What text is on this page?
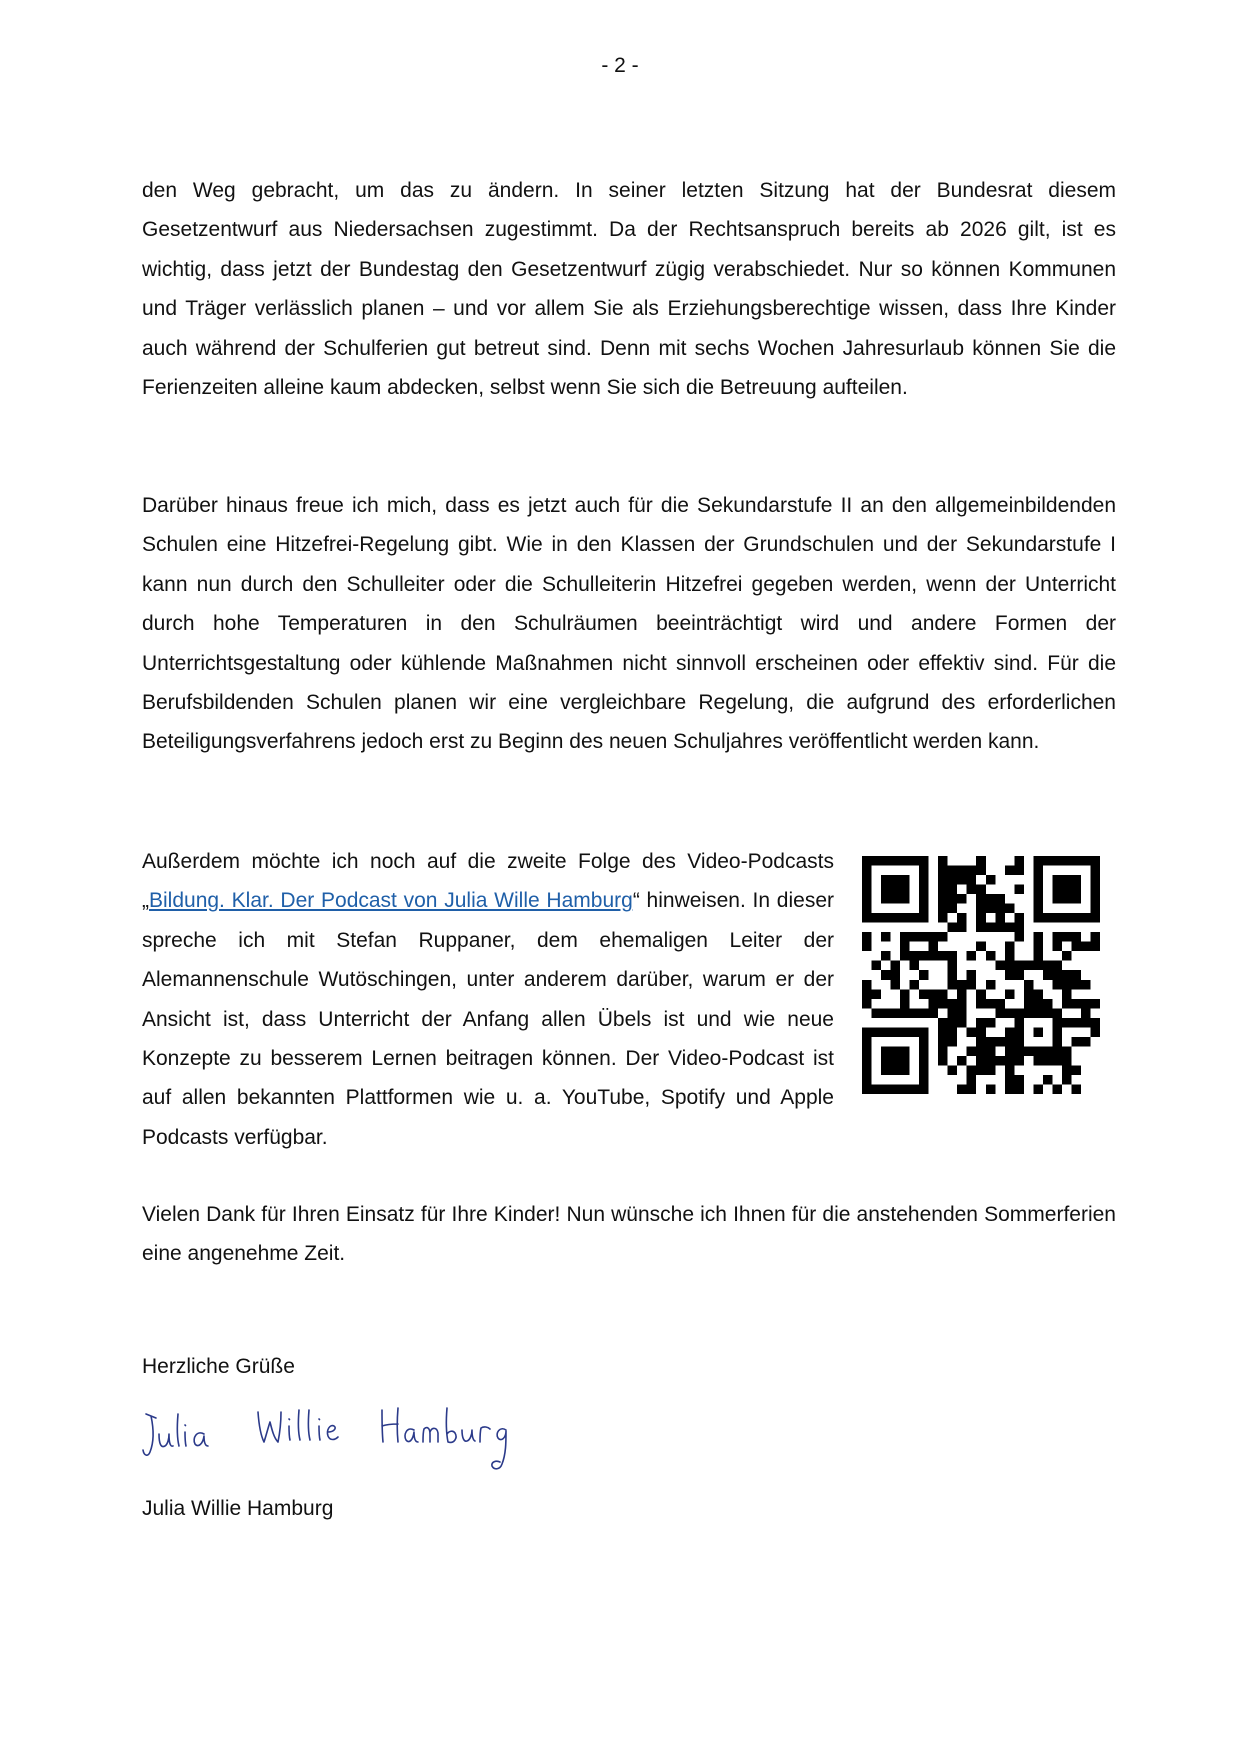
- 2 -

den Weg gebracht, um das zu ändern. In seiner letzten Sitzung hat der Bundesrat diesem Gesetzentwurf aus Niedersachsen zugestimmt. Da der Rechtsanspruch bereits ab 2026 gilt, ist es wichtig, dass jetzt der Bundestag den Gesetzentwurf zügig verabschiedet. Nur so können Kommunen und Träger verlässlich planen – und vor allem Sie als Erziehungsberechtige wissen, dass Ihre Kinder auch während der Schulferien gut betreut sind. Denn mit sechs Wochen Jahresurlaub können Sie die Ferienzeiten alleine kaum abdecken, selbst wenn Sie sich die Betreuung aufteilen.

Darüber hinaus freue ich mich, dass es jetzt auch für die Sekundarstufe II an den allgemeinbildenden Schulen eine Hitzefrei-Regelung gibt. Wie in den Klassen der Grundschulen und der Sekundarstufe I kann nun durch den Schulleiter oder die Schulleiterin Hitzefrei gegeben werden, wenn der Unterricht durch hohe Temperaturen in den Schulräumen beeinträchtigt wird und andere Formen der Unterrichtsgestaltung oder kühlende Maßnahmen nicht sinnvoll erscheinen oder effektiv sind. Für die Berufsbildenden Schulen planen wir eine vergleichbare Regelung, die aufgrund des erforderlichen Beteiligungsverfahrens jedoch erst zu Beginn des neuen Schuljahres veröffentlicht werden kann.

Außerdem möchte ich noch auf die zweite Folge des Video-Podcasts „Bildung. Klar. Der Podcast von Julia Wille Hamburg“ hinweisen. In dieser spreche ich mit Stefan Ruppaner, dem ehemaligen Leiter der Alemannenschule Wutöschingen, unter anderem darüber, warum er der Ansicht ist, dass Unterricht der Anfang allen Übels ist und wie neue Konzepte zu besserem Lernen beitragen können. Der Video-Podcast ist auf allen bekannten Plattformen wie u. a. YouTube, Spotify und Apple Podcasts verfügbar.

Vielen Dank für Ihren Einsatz für Ihre Kinder! Nun wünsche ich Ihnen für die anstehenden Sommerferien eine angenehme Zeit.

Herzliche Grüße
Julia Willie Hamburg
